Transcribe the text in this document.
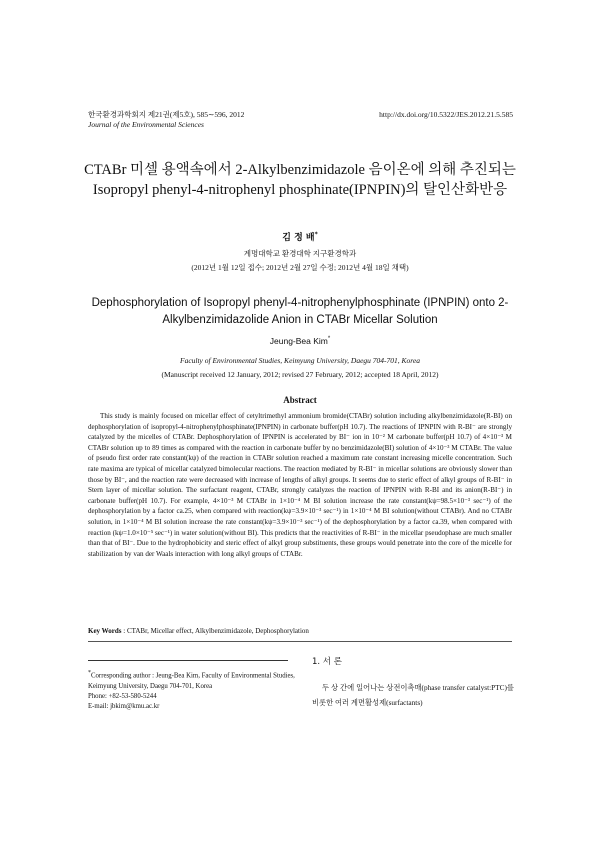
한국환경과학회지 제21권(제5호), 585∼596, 2012
Journal of the Environmental Sciences
http://dx.doi.org/10.5322/JES.2012.21.5.585
CTABr 미셀 용액속에서 2-Alkylbenzimidazole 음이온에 의해 추진되는 Isopropyl phenyl-4-nitrophenyl phosphinate(IPNPIN)의 탈인산화반응
김 정 배*
계명대학교 환경대학 지구환경학과
(2012년 1월 12일 접수; 2012년 2월 27일 수정; 2012년 4월 18일 채택)
Dephosphorylation of Isopropyl phenyl-4-nitrophenylphosphinate (IPNPIN) onto 2-Alkylbenzimidazolide Anion in CTABr Micellar Solution
Jeung-Bea Kim*
Faculty of Environmental Studies, Keimyung University, Daegu 704-701, Korea
(Manuscript received 12 January, 2012; revised 27 February, 2012; accepted 18 April, 2012)
Abstract
This study is mainly focused on micellar effect of cetyltrimethyl ammonium bromide(CTABr) solution including alkylbenzimidazole(R-BI) on dephosphorylation of isopropyl-4-nitrophenylphosphinate(IPNPIN) in carbonate buffer(pH 10.7). The reactions of IPNPIN with R-BI⁻ are strongly catalyzed by the micelles of CTABr. Dephosphorylation of IPNPIN is accelerated by BI⁻ ion in 10⁻² M carbonate buffer(pH 10.7) of 4×10⁻³ M CTABr solution up to 89 times as compared with the reaction in carbonate buffer by no benzimidazole(BI) solution of 4×10⁻³ M CTABr. The value of pseudo first order rate constant(kψ) of the reaction in CTABr solution reached a maximum rate constant increasing micelle concentration. Such rate maxima are typical of micellar catalyzed bimolecular reactions. The reaction mediated by R-BI⁻ in micellar solutions are obviously slower than those by BI⁻, and the reaction rate were decreased with increase of lengths of alkyl groups. It seems due to steric effect of alkyl groups of R-BI⁻ in Stern layer of micellar solution. The surfactant reagent, CTABr, strongly catalyzes the reaction of IPNPIN with R-BI and its anion(R-BI⁻) in carbonate buffer(pH 10.7). For example, 4×10⁻³ M CTABr in 1×10⁻⁴ M BI solution increase the rate constant(kψ=98.5×10⁻³ sec⁻¹) of the dephosphorylation by a factor ca.25, when compared with reaction(kψ=3.9×10⁻³ sec⁻¹) in 1×10⁻⁴ M BI solution(without CTABr). And no CTABr solution, in 1×10⁻⁴ M BI solution increase the rate constant(kψ=3.9×10⁻³ sec⁻¹) of the dephosphorylation by a factor ca.39, when compared with reaction (kψ=1.0×10⁻⁵ sec⁻¹) in water solution(without BI). This predicts that the reactivities of R-BI⁻ in the micellar pseudophase are much smaller than that of BI⁻. Due to the hydrophobicity and steric effect of alkyl group substituents, these groups would penetrate into the core of the micelle for stabilization by van der Waals interaction with long alkyl groups of CTABr.
Key Words : CTABr, Micellar effect, Alkylbenzimidazole, Dephosphorylation
*Corresponding author : Jeung-Bea Kim, Faculty of Environmental Studies, Keimyung University, Daegu 704-701, Korea
Phone: +82-53-580-5244
E-mail: jbkim@kmu.ac.kr
1. 서 론
두 상 간에 일어나는 상전이촉매(phase transfer catalyst:PTC)를 비롯한 여러 계면활성제(surfactants)
